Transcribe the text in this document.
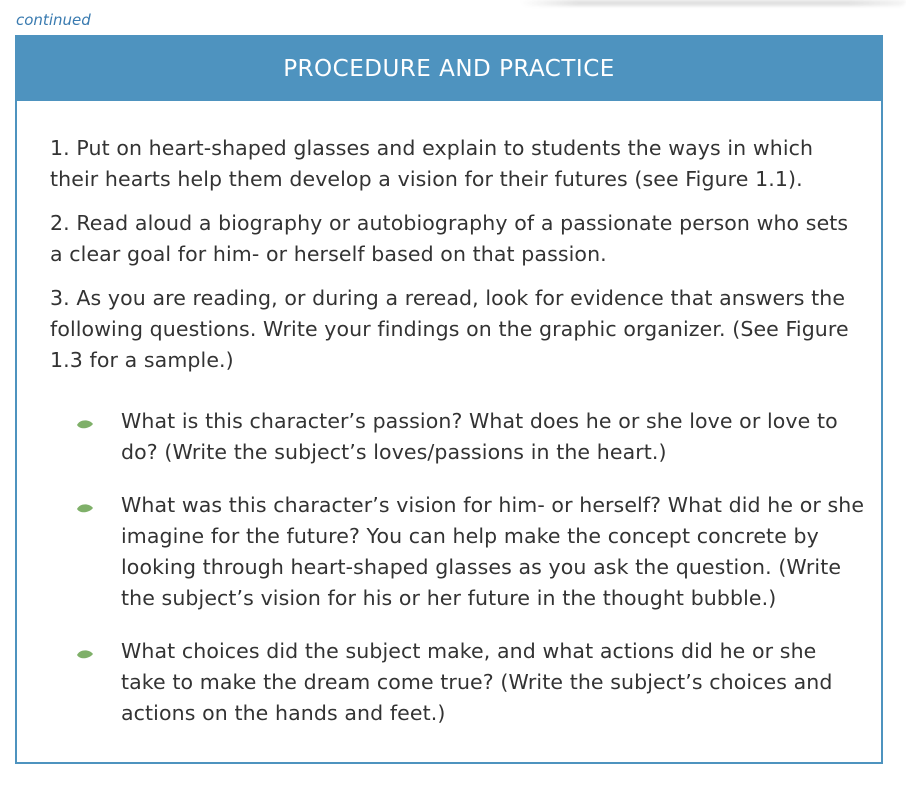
continued
PROCEDURE AND PRACTICE

1. Put on heart-shaped glasses and explain to students the ways in which their hearts help them develop a vision for their futures (see Figure 1.1).

2. Read aloud a biography or autobiography of a passionate person who sets a clear goal for him- or herself based on that passion.

3. As you are reading, or during a reread, look for evidence that answers the following questions. Write your findings on the graphic organizer. (See Figure 1.3 for a sample.)

What is this character’s passion? What does he or she love or love to do? (Write the subject’s loves/passions in the heart.)
What was this character’s vision for him- or herself? What did he or she imagine for the future? You can help make the concept concrete by looking through heart-shaped glasses as you ask the question. (Write the subject’s vision for his or her future in the thought bubble.)
What choices did the subject make, and what actions did he or she take to make the dream come true? (Write the subject’s choices and actions on the hands and feet.)
